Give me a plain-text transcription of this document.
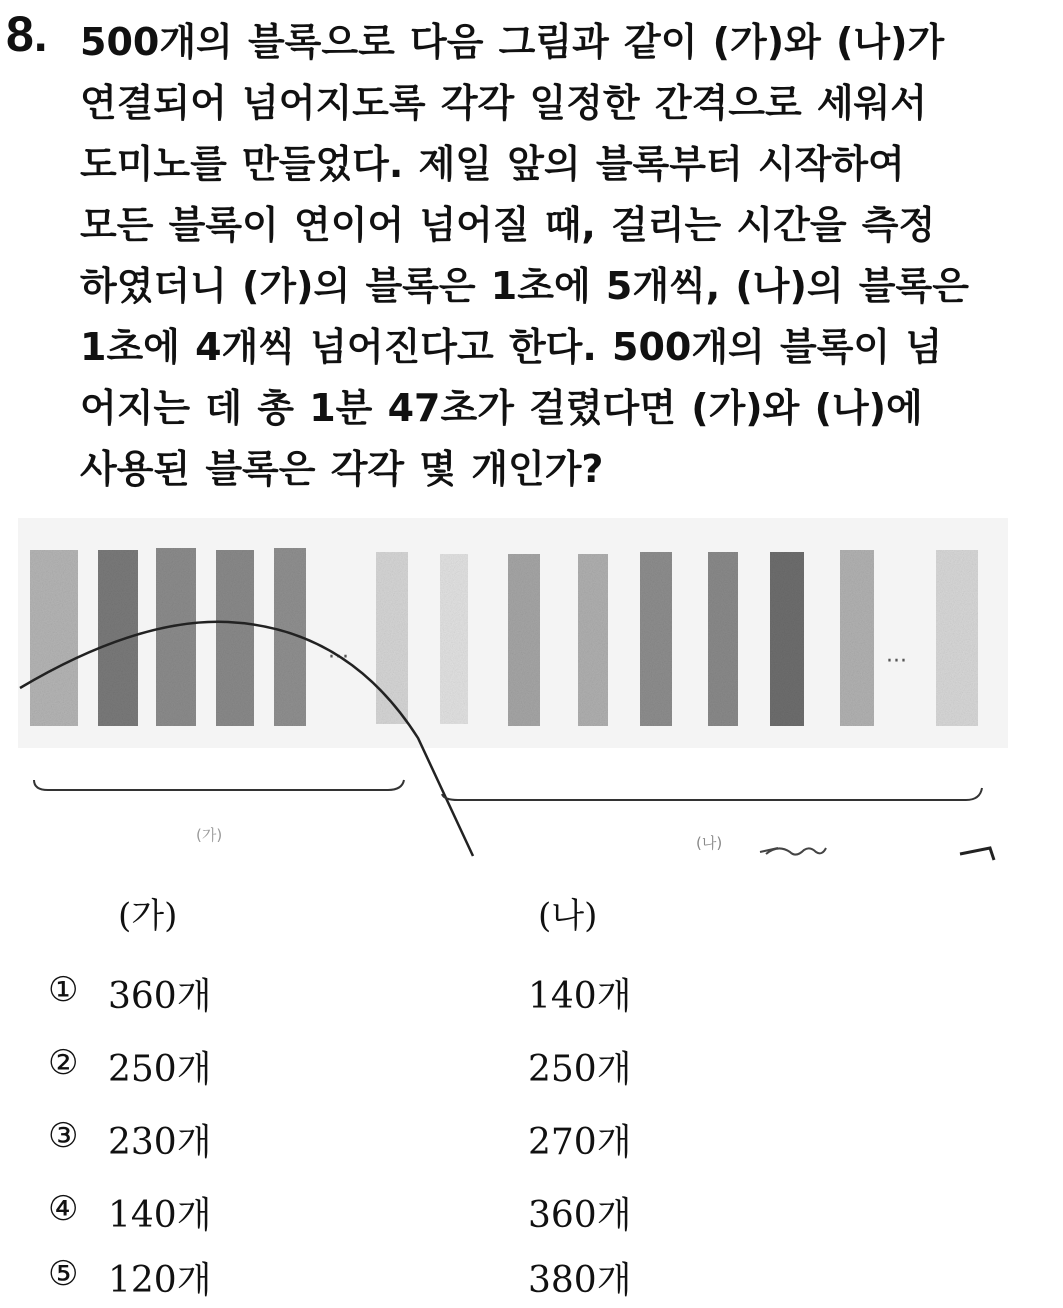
8. 500개의 블록으로 다음 그림과 같이 (가)와 (나)가
연결되어 넘어지도록 각각 일정한 간격으로 세워서
도미노를 만들었다. 제일 앞의 블록부터 시작하여
모든 블록이 연이어 넘어질 때, 걸리는 시간을 측정
하였더니 (가)의 블록은 1초에 5개씩, (나)의 블록은
1초에 4개씩 넘어진다고 한다. 500개의 블록이 넘
어지는 데 총 1분 47초가 걸렸다면 (가)와 (나)에
사용된 블록은 각각 몇 개인가?
···	···
(가)	(나)
(가)	(나)
① 360개	140개
② 250개	250개
③ 230개	270개
④ 140개	360개
⑤ 120개	380개
